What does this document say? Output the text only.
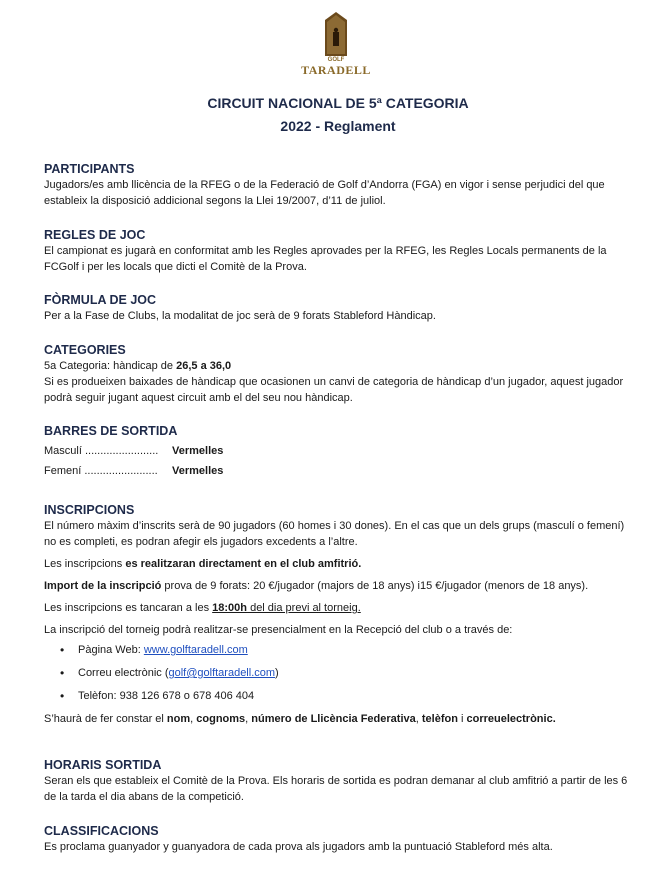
GOLF
TARADELL
CIRCUIT NACIONAL DE 5ª CATEGORIA
2022 - Reglament
PARTICIPANTS

Jugadors/es amb llicència de la RFEG o de la Federació de Golf d’Andorra (FGA) en vigor i sense perjudici del que estableix la disposició addicional segons la Llei 19/2007, d’11 de juliol.

REGLES DE JOC

El campionat es jugarà en conformitat amb les Regles aprovades per la RFEG, les Regles Locals permanents de la FCGolf i per les locals que dicti el Comitè de la Prova.

FÒRMULA DE JOC

Per a la Fase de Clubs, la modalitat de joc serà de 9 forats Stableford Hàndicap.

CATEGORIES

5a Categoria: hàndicap de 26,5 a 36,0

Si es produeixen baixades de hàndicap que ocasionen un canvi de categoria de hàndicap d’un jugador, aquest jugador podrà seguir jugant aquest circuit amb el del seu nou hàndicap.

BARRES DE SORTIDA
Masculí ........................ Vermelles
Femení ........................ Vermelles
INSCRIPCIONS

El número màxim d’inscrits serà de 90 jugadors (60 homes i 30 dones). En el cas que un dels grups (masculí o femení) no es completi, es podran afegir els jugadors excedents a l’altre.

Les inscripcions es realitzaran directament en el club amfitrió.

Import de la inscripció prova de 9 forats: 20 €/jugador (majors de 18 anys) i15 €/jugador (menors de 18 anys).

Les inscripcions es tancaran a les 18:00h del dia previ al torneig.

La inscripció del torneig podrà realitzar-se presencialment en la Recepció del club o a través de:

• Pàgina Web: www.golftaradell.com
• Correu electrònic (golf@golftaradell.com)
• Telèfon: 938 126 678 o 678 406 404

S’haurà de fer constar el nom, cognoms, número de Llicència Federativa, telèfon i correuelectrònic.

HORARIS SORTIDA

Seran els que estableix el Comitè de la Prova. Els horaris de sortida es podran demanar al club amfitrió a partir de les 6 de la tarda el dia abans de la competició.

CLASSIFICACIONS

Es proclama guanyador y guanyadora de cada prova als jugadors amb la puntuació Stableford més alta.
